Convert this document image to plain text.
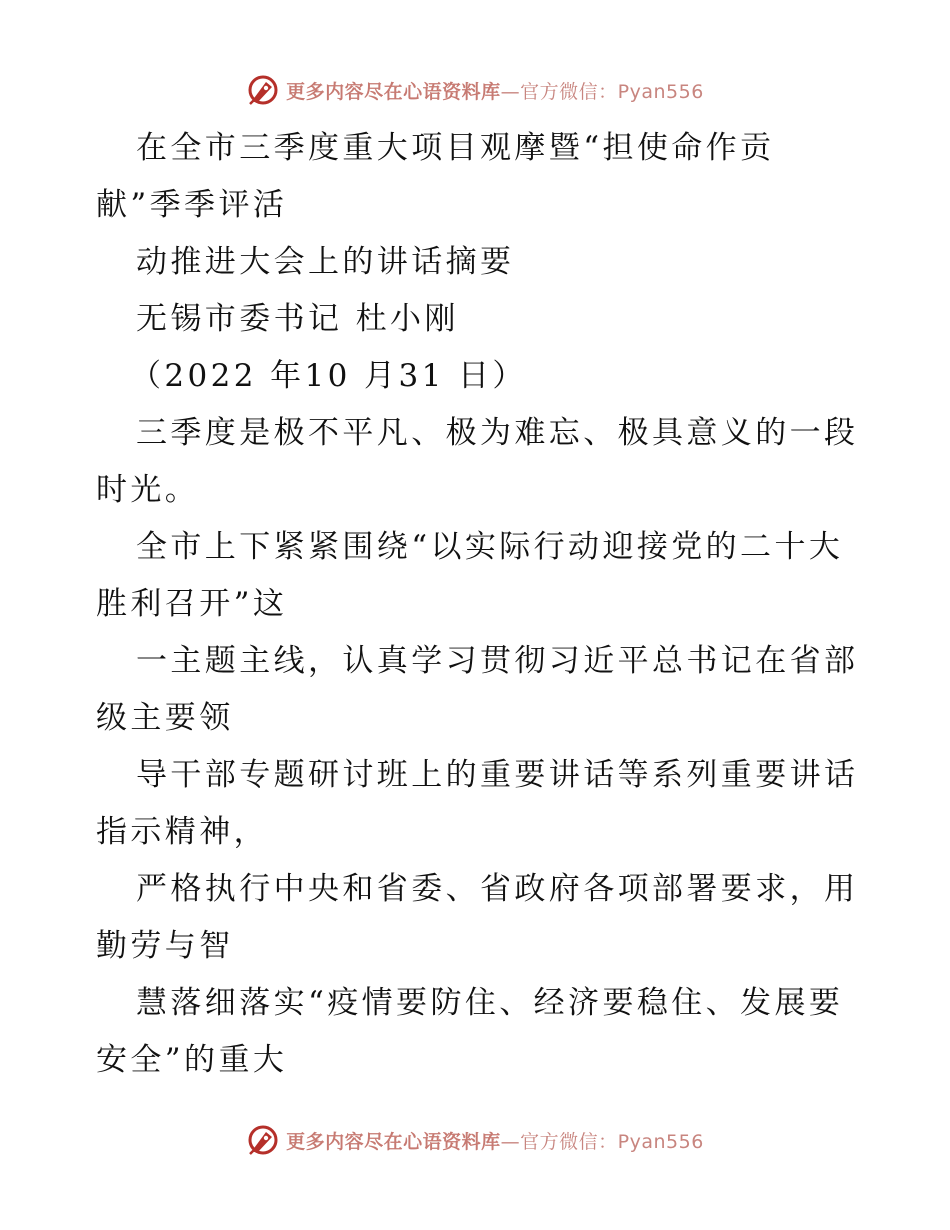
更多内容尽在心语资料库—官方微信：Pyan556
在全市三季度重大项目观摩暨“担使命作贡
献”季季评活
动推进大会上的讲话摘要
无锡市委书记 杜小刚
（2022 年10 月31 日）
三季度是极不平凡、极为难忘、极具意义的一段
时光。
全市上下紧紧围绕“以实际行动迎接党的二十大
胜利召开”这
一主题主线，认真学习贯彻习近平总书记在省部
级主要领
导干部专题研讨班上的重要讲话等系列重要讲话
指示精神，
严格执行中央和省委、省政府各项部署要求，用
勤劳与智
慧落细落实“疫情要防住、经济要稳住、发展要
安全”的重大
更多内容尽在心语资料库—官方微信：Pyan556
